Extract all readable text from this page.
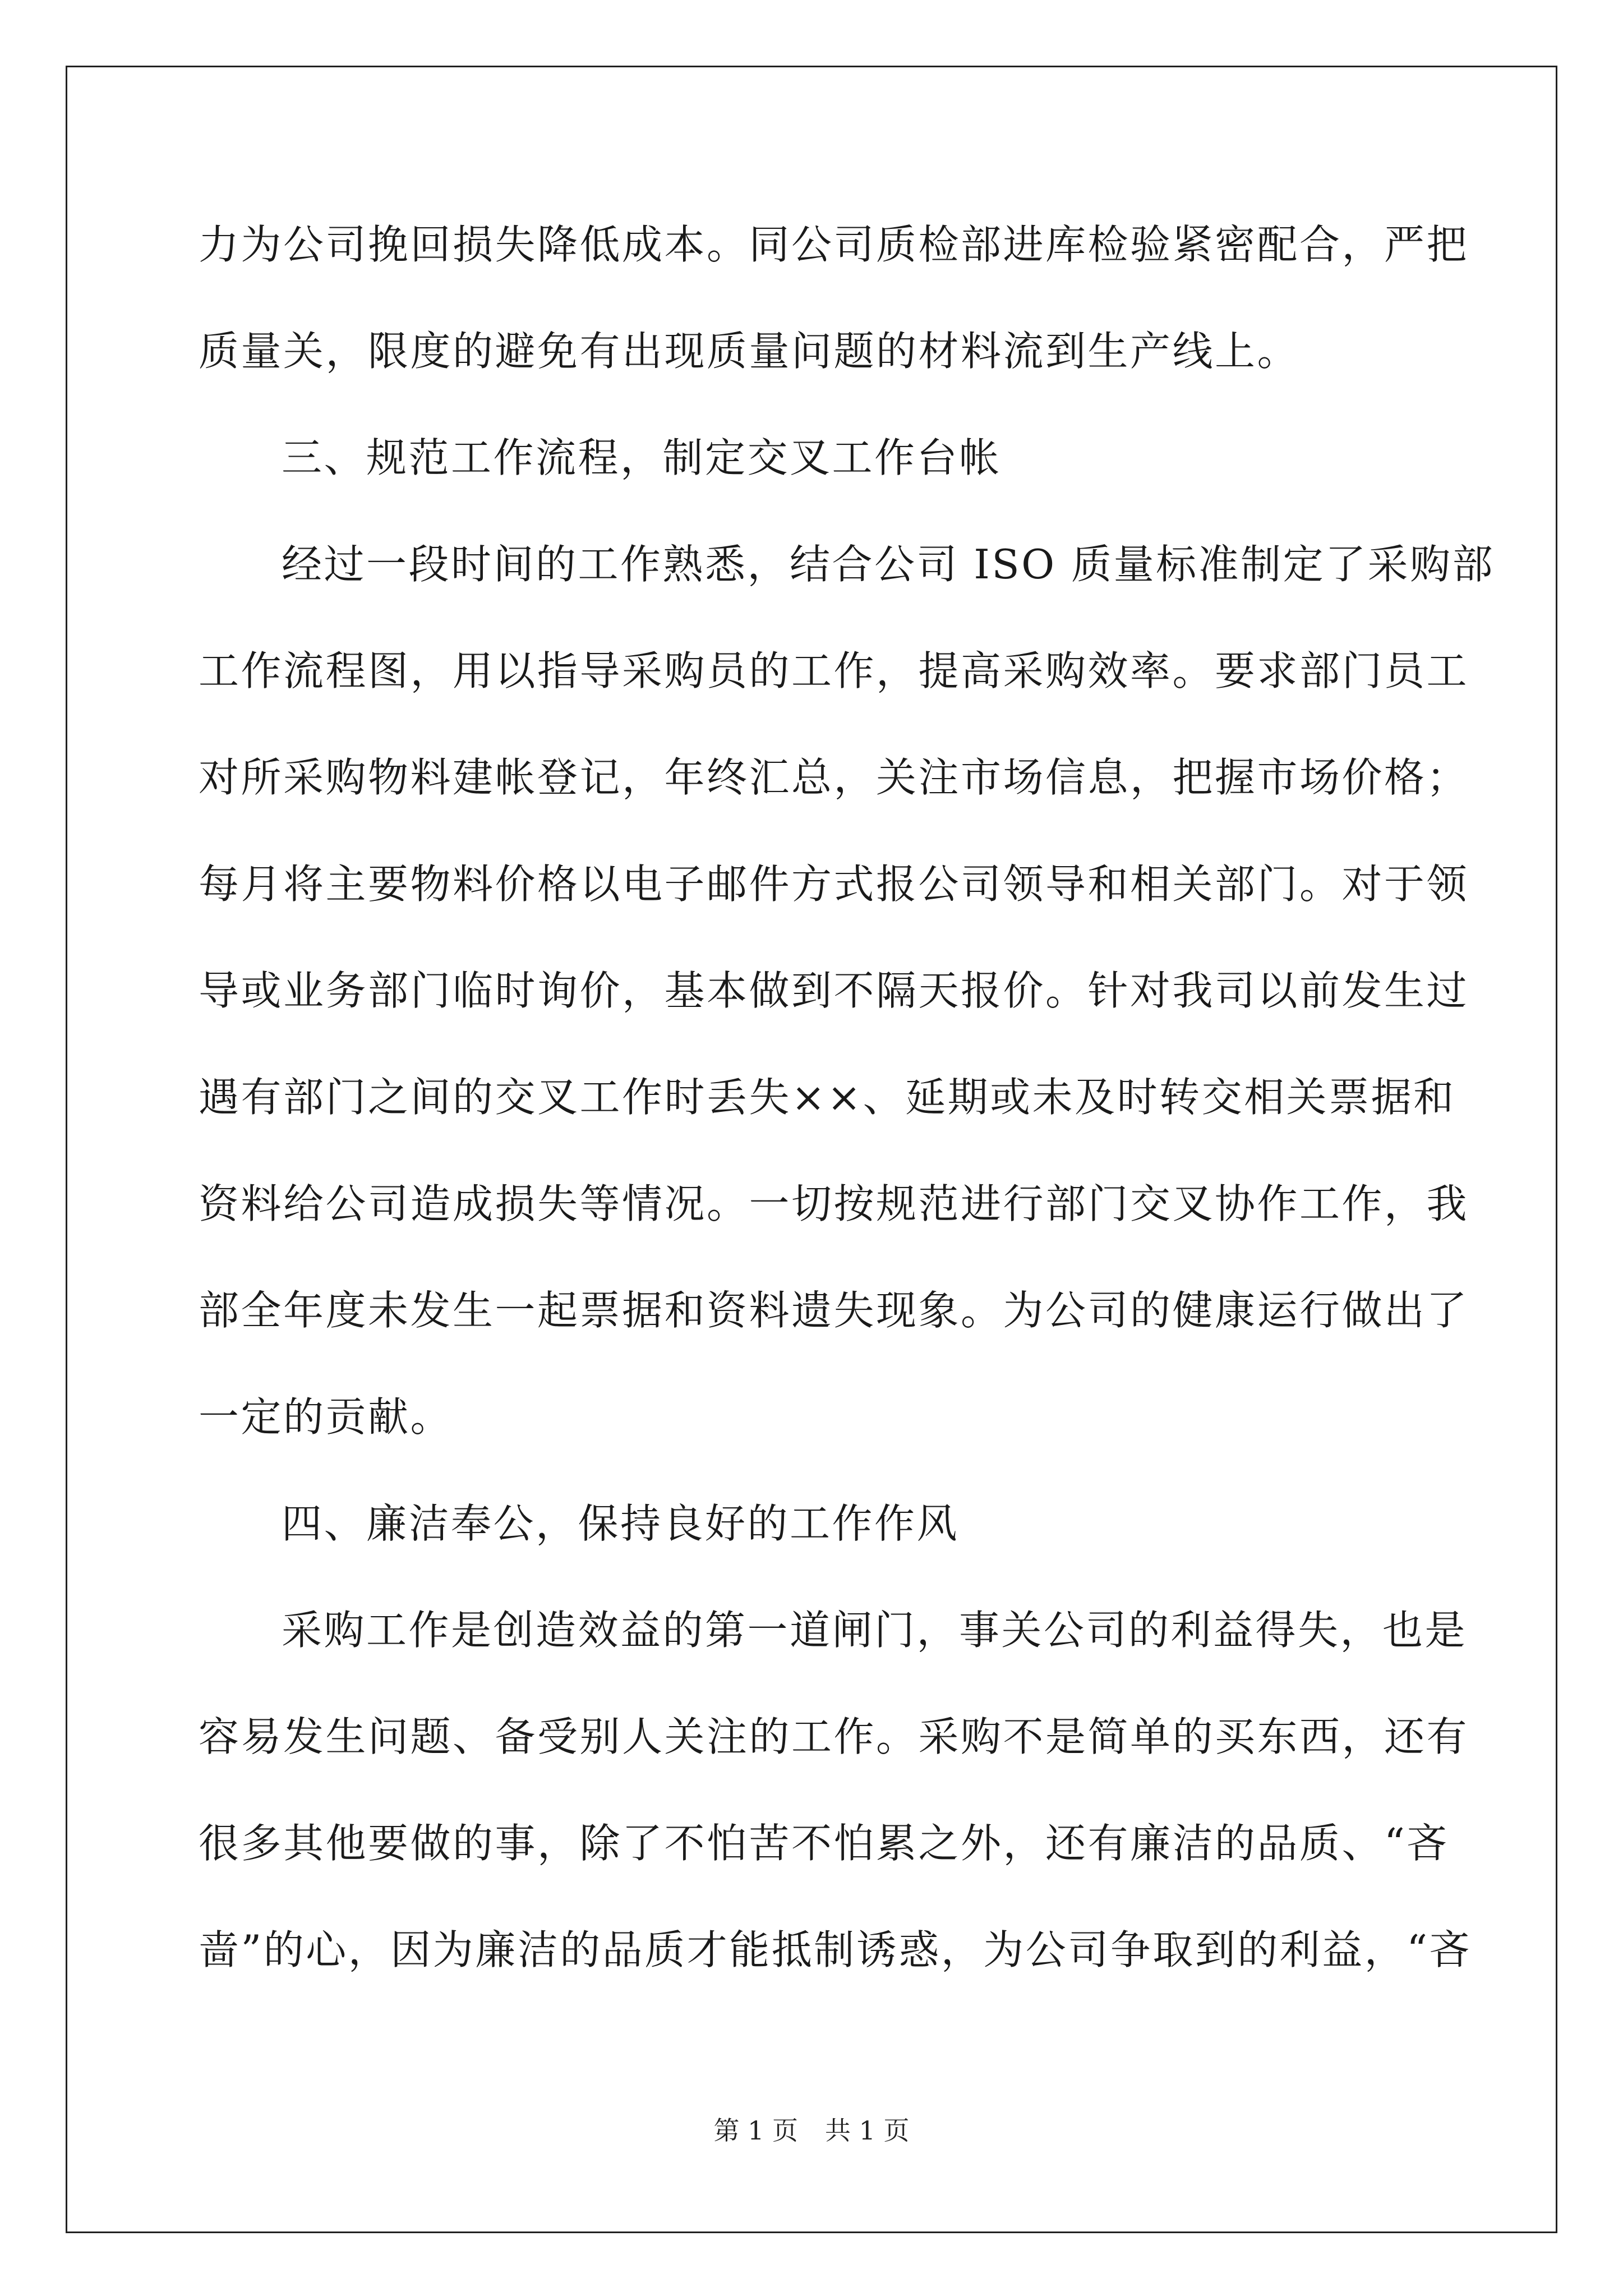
力为公司挽回损失降低成本。同公司质检部进库检验紧密配合，严把
质量关，限度的避免有出现质量问题的材料流到生产线上。
三、规范工作流程，制定交叉工作台帐
经过一段时间的工作熟悉，结合公司 ISO 质量标准制定了采购部
工作流程图，用以指导采购员的工作，提高采购效率。要求部门员工
对所采购物料建帐登记，年终汇总，关注市场信息，把握市场价格；
每月将主要物料价格以电子邮件方式报公司领导和相关部门。对于领
导或业务部门临时询价，基本做到不隔天报价。针对我司以前发生过
遇有部门之间的交叉工作时丢失××、延期或未及时转交相关票据和
资料给公司造成损失等情况。一切按规范进行部门交叉协作工作，我
部全年度未发生一起票据和资料遗失现象。为公司的健康运行做出了
一定的贡献。
四、廉洁奉公，保持良好的工作作风
采购工作是创造效益的第一道闸门，事关公司的利益得失，也是
容易发生问题、备受别人关注的工作。采购不是简单的买东西，还有
很多其他要做的事，除了不怕苦不怕累之外，还有廉洁的品质、“吝
啬”的心，因为廉洁的品质才能抵制诱惑，为公司争取到的利益，“吝
第 1 页 共 1 页
